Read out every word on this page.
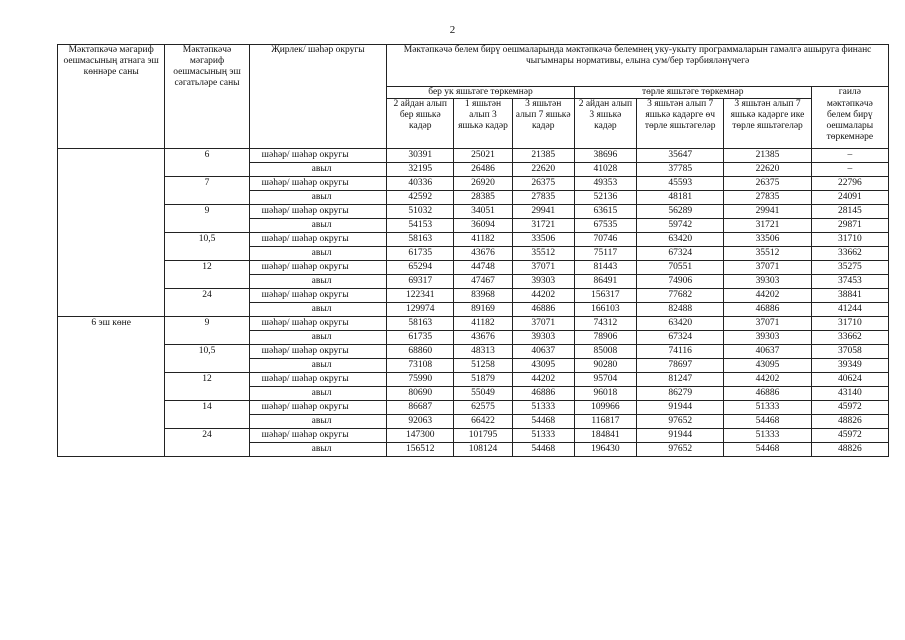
2
Мәктәпкәчә мәгариф оешмасының атнага эш көннәре саны	Мәктәпкәчә мәгариф оешмасының эш сәгатьләре саны	Җирлек/ шәһәр округы	Мәктәпкәчә белем бирү оешмаларында мәктәпкәчә белемнең уку-укыту программаларын гамәлгә ашыруга финанс чыгымнары нормативы, елына сум/бер тәрбияләнүчегә						
			бер ук яшьтәге төркемнәр			төрле яшьтәге төркемнәр			гаилә
			2 айдан алып бер яшькә кадәр	1 яшьтән алып 3 яшькә кадәр	3 яшьтән алып 7 яшькә кадәр	2 айдан алып 3 яшькә кадәр	3 яшьтән алып 7 яшькә кадәрге өч төрле яшьтәгеләр	3 яшьтән алып 7 яшькә кадәрге ике төрле яшьтәгеләр	мәктәпкәчә белем бирү оешмалары төркемнәре
	6	шәһәр/ шәһәр округы	30391	25021	21385	38696	35647	21385	–
		авыл	32195	26486	22620	41028	37785	22620	–
	7	шәһәр/ шәһәр округы	40336	26920	26375	49353	45593	26375	22796
		авыл	42592	28385	27835	52136	48181	27835	24091
	9	шәһәр/ шәһәр округы	51032	34051	29941	63615	56289	29941	28145
		авыл	54153	36094	31721	67535	59742	31721	29871
	10,5	шәһәр/ шәһәр округы	58163	41182	33506	70746	63420	33506	31710
		авыл	61735	43676	35512	75117	67324	35512	33662
	12	шәһәр/ шәһәр округы	65294	44748	37071	81443	70551	37071	35275
		авыл	69317	47467	39303	86491	74906	39303	37453
	24	шәһәр/ шәһәр округы	122341	83968	44202	156317	77682	44202	38841
		авыл	129974	89169	46886	166103	82488	46886	41244
6 эш көне	9	шәһәр/ шәһәр округы	58163	41182	37071	74312	63420	37071	31710
		авыл	61735	43676	39303	78906	67324	39303	33662
	10,5	шәһәр/ шәһәр округы	68860	48313	40637	85008	74116	40637	37058
		авыл	73108	51258	43095	90280	78697	43095	39349
	12	шәһәр/ шәһәр округы	75990	51879	44202	95704	81247	44202	40624
		авыл	80690	55049	46886	96018	86279	46886	43140
	14	шәһәр/ шәһәр округы	86687	62575	51333	109966	91944	51333	45972
		авыл	92063	66422	54468	116817	97652	54468	48826
	24	шәһәр/ шәһәр округы	147300	101795	51333	184841	91944	51333	45972
		авыл	156512	108124	54468	196430	97652	54468	48826
